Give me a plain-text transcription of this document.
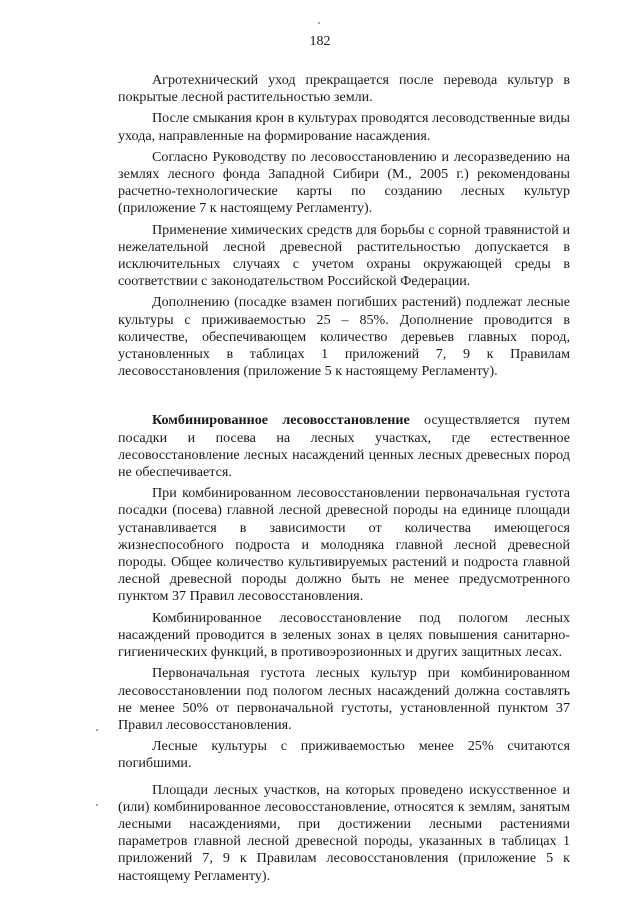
182

Агротехнический уход прекращается после перевода культур в покрытые лесной растительностью земли.

После смыкания крон в культурах проводятся лесоводственные виды ухода, направленные на формирование насаждения.

Согласно Руководству по лесовосстановлению и лесоразведению на землях лесного фонда Западной Сибири (М., 2005 г.) рекомендованы расчетно-технологические карты по созданию лесных культур (приложение 7 к настоящему Регламенту).

Применение химических средств для борьбы с сорной травянистой и нежелательной лесной древесной растительностью допускается в исключительных случаях с учетом охраны окружающей среды в соответствии с законодательством Российской Федерации.

Дополнению (посадке взамен погибших растений) подлежат лесные культуры с приживаемостью 25 – 85%. Дополнение проводится в количестве, обеспечивающем количество деревьев главных пород, установленных в таблицах 1 приложений 7, 9 к Правилам лесовосстановления (приложение 5 к настоящему Регламенту).

Комбинированное лесовосстановление осуществляется путем посадки и посева на лесных участках, где естественное лесовосстановление лесных насаждений ценных лесных древесных пород не обеспечивается.

При комбинированном лесовосстановлении первоначальная густота посадки (посева) главной лесной древесной породы на единице площади устанавливается в зависимости от количества имеющегося жизнеспособного подроста и молодняка главной лесной древесной породы. Общее количество культивируемых растений и подроста главной лесной древесной породы должно быть не менее предусмотренного пунктом 37 Правил лесовосстановления.

Комбинированное лесовосстановление под пологом лесных насаждений проводится в зеленых зонах в целях повышения санитарно-гигиенических функций, в противоэрозионных и других защитных лесах.

Первоначальная густота лесных культур при комбинированном лесовосстановлении под пологом лесных насаждений должна составлять не менее 50% от первоначальной густоты, установленной пунктом 37 Правил лесовосстановления.

Лесные культуры с приживаемостью менее 25% считаются погибшими.

Площади лесных участков, на которых проведено искусственное и (или) комбинированное лесовосстановление, относятся к землям, занятым лесными насаждениями, при достижении лесными растениями параметров главной лесной древесной породы, указанных в таблицах 1 приложений 7, 9 к Правилам лесовосстановления (приложение 5 к настоящему Регламенту).
